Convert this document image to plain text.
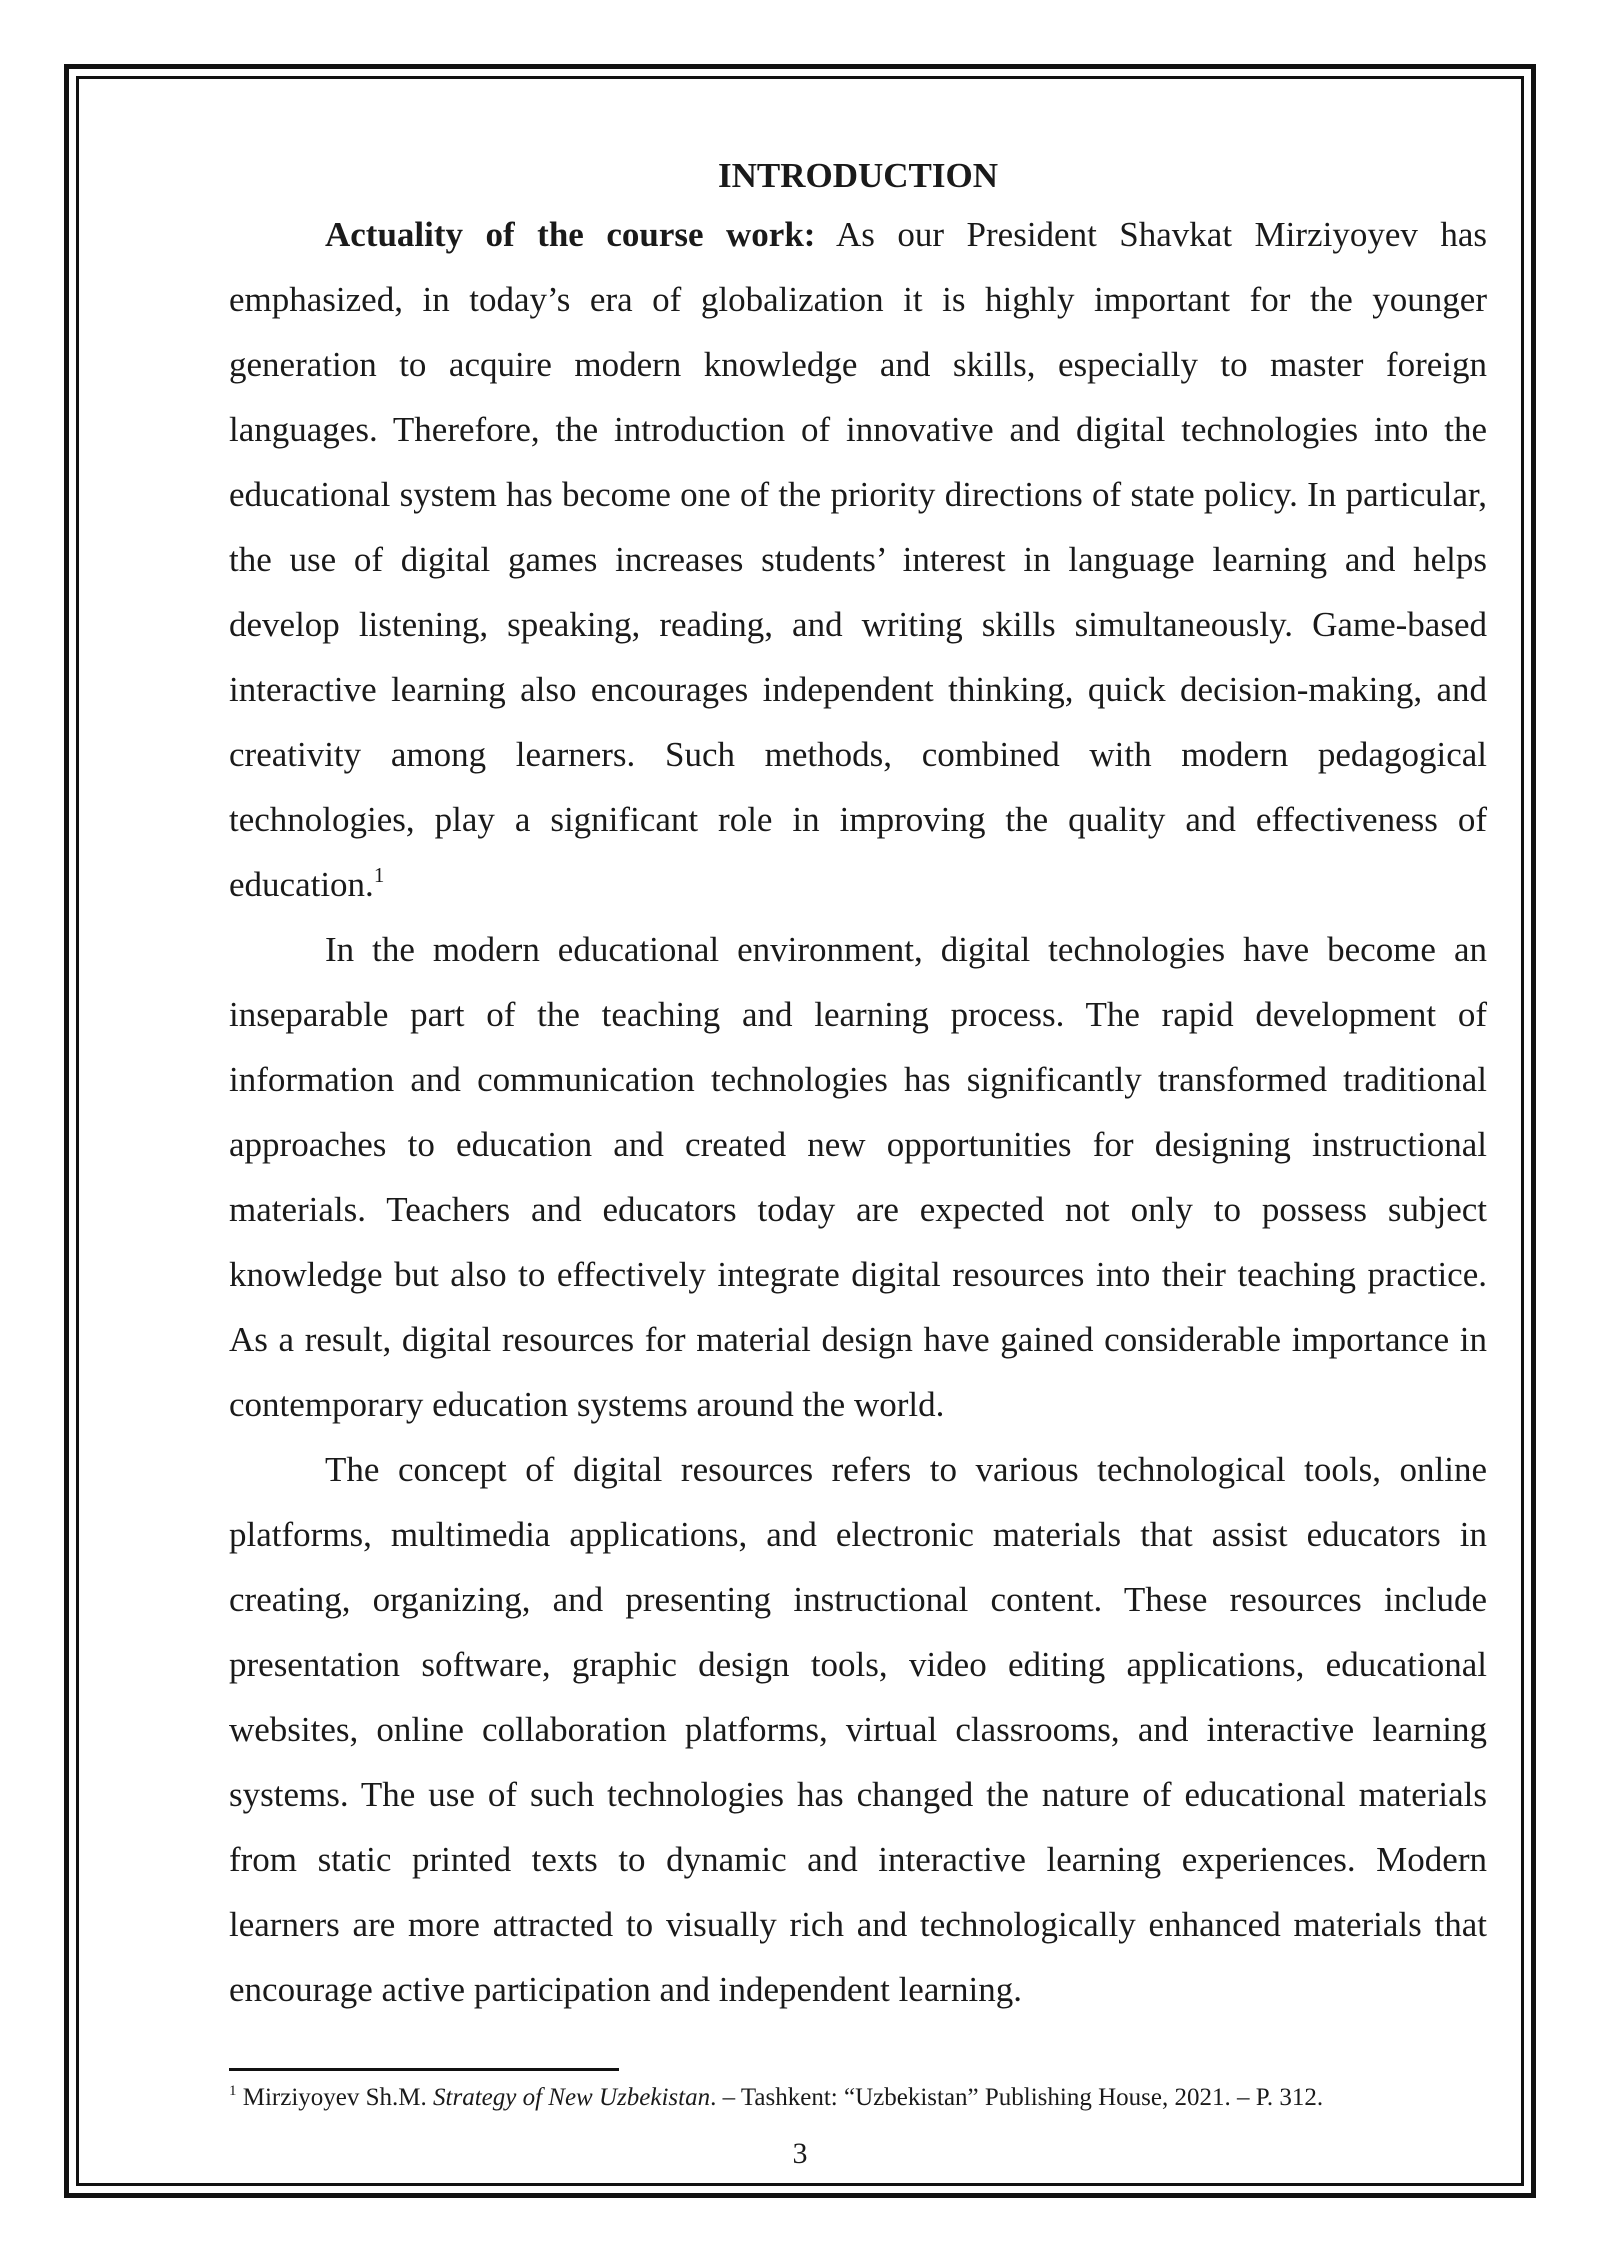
INTRODUCTION

Actuality of the course work: As our President Shavkat Mirziyoyev has emphasized, in today’s era of globalization it is highly important for the younger generation to acquire modern knowledge and skills, especially to master foreign languages. Therefore, the introduction of innovative and digital technologies into the educational system has become one of the priority directions of state policy. In particular, the use of digital games increases students’ interest in language learning and helps develop listening, speaking, reading, and writing skills simultaneously. Game-based interactive learning also encourages independent thinking, quick decision-making, and creativity among learners. Such methods, combined with modern pedagogical technologies, play a significant role in improving the quality and effectiveness of education.$^1$

In the modern educational environment, digital technologies have become an inseparable part of the teaching and learning process. The rapid development of information and communication technologies has significantly transformed traditional approaches to education and created new opportunities for designing instructional materials. Teachers and educators today are expected not only to possess subject knowledge but also to effectively integrate digital resources into their teaching practice. As a result, digital resources for material design have gained considerable importance in contemporary education systems around the world.

The concept of digital resources refers to various technological tools, online platforms, multimedia applications, and electronic materials that assist educators in creating, organizing, and presenting instructional content. These resources include presentation software, graphic design tools, video editing applications, educational websites, online collaboration platforms, virtual classrooms, and interactive learning systems. The use of such technologies has changed the nature of educational materials from static printed texts to dynamic and interactive learning experiences. Modern learners are more attracted to visually rich and technologically enhanced materials that encourage active participation and independent learning.

$^1$ Mirziyoyev Sh.M. Strategy of New Uzbekistan. – Tashkent: “Uzbekistan” Publishing House, 2021. – P. 312.

3
